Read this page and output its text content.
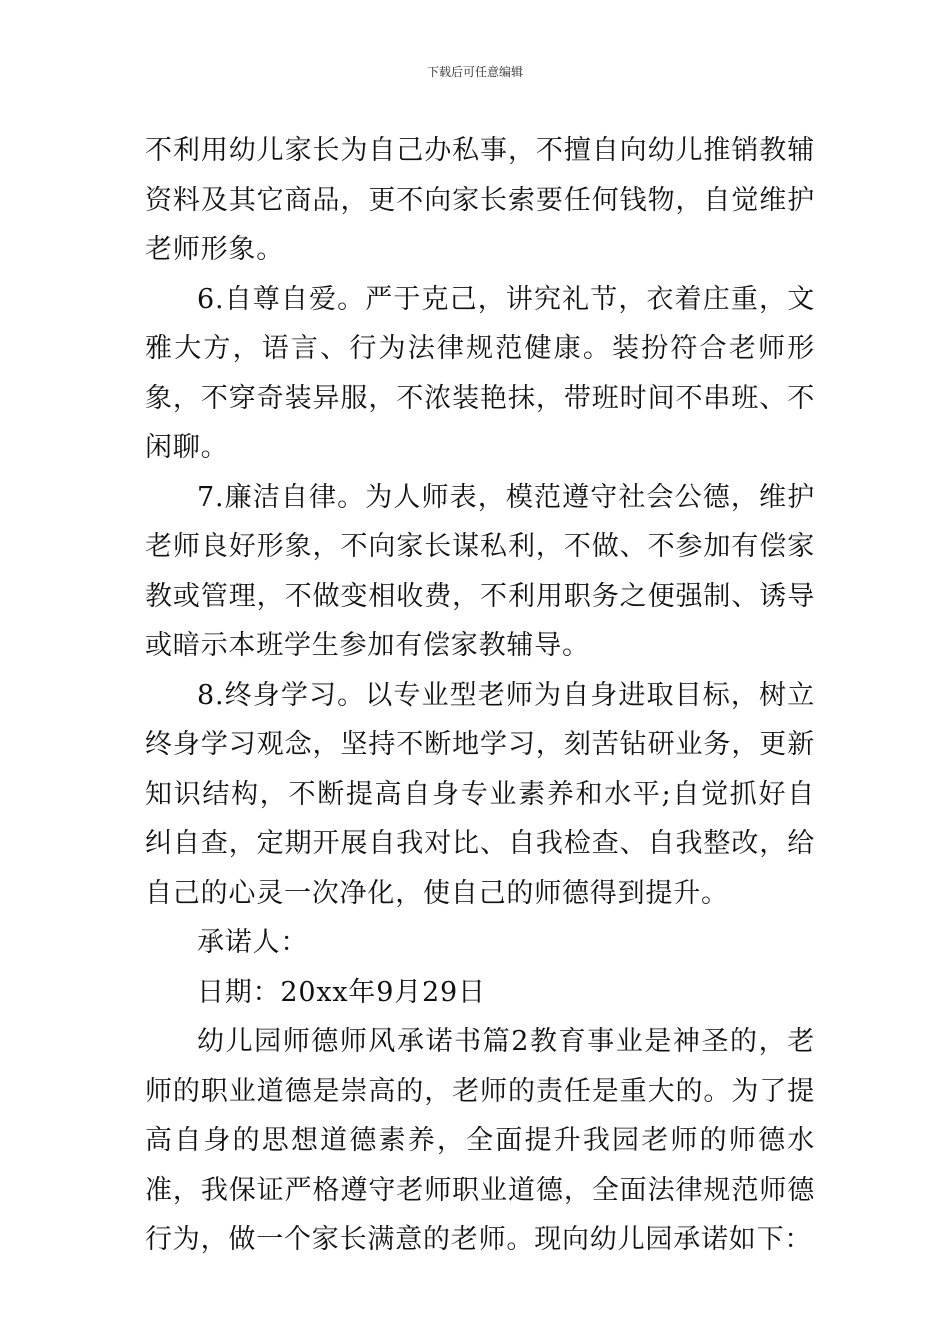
下载后可任意编辑

不利用幼儿家长为自己办私事，不擅自向幼儿推销教辅资料及其它商品，更不向家长索要任何钱物，自觉维护老师形象。

6.自尊自爱。严于克己，讲究礼节，衣着庄重，文雅大方，语言、行为法律规范健康。装扮符合老师形象，不穿奇装异服，不浓装艳抹，带班时间不串班、不闲聊。

7.廉洁自律。为人师表，模范遵守社会公德，维护老师良好形象，不向家长谋私利，不做、不参加有偿家教或管理，不做变相收费，不利用职务之便强制、诱导或暗示本班学生参加有偿家教辅导。

8.终身学习。以专业型老师为自身进取目标，树立终身学习观念，坚持不断地学习，刻苦钻研业务，更新知识结构，不断提高自身专业素养和水平;自觉抓好自纠自查，定期开展自我对比、自我检查、自我整改，给自己的心灵一次净化，使自己的师德得到提升。

承诺人：

日期：20xx年9月29日

幼儿园师德师风承诺书篇2教育事业是神圣的，老师的职业道德是崇高的，老师的责任是重大的。为了提高自身的思想道德素养，全面提升我园老师的师德水准，我保证严格遵守老师职业道德，全面法律规范师德行为，做一个家长满意的老师。现向幼儿园承诺如下：
